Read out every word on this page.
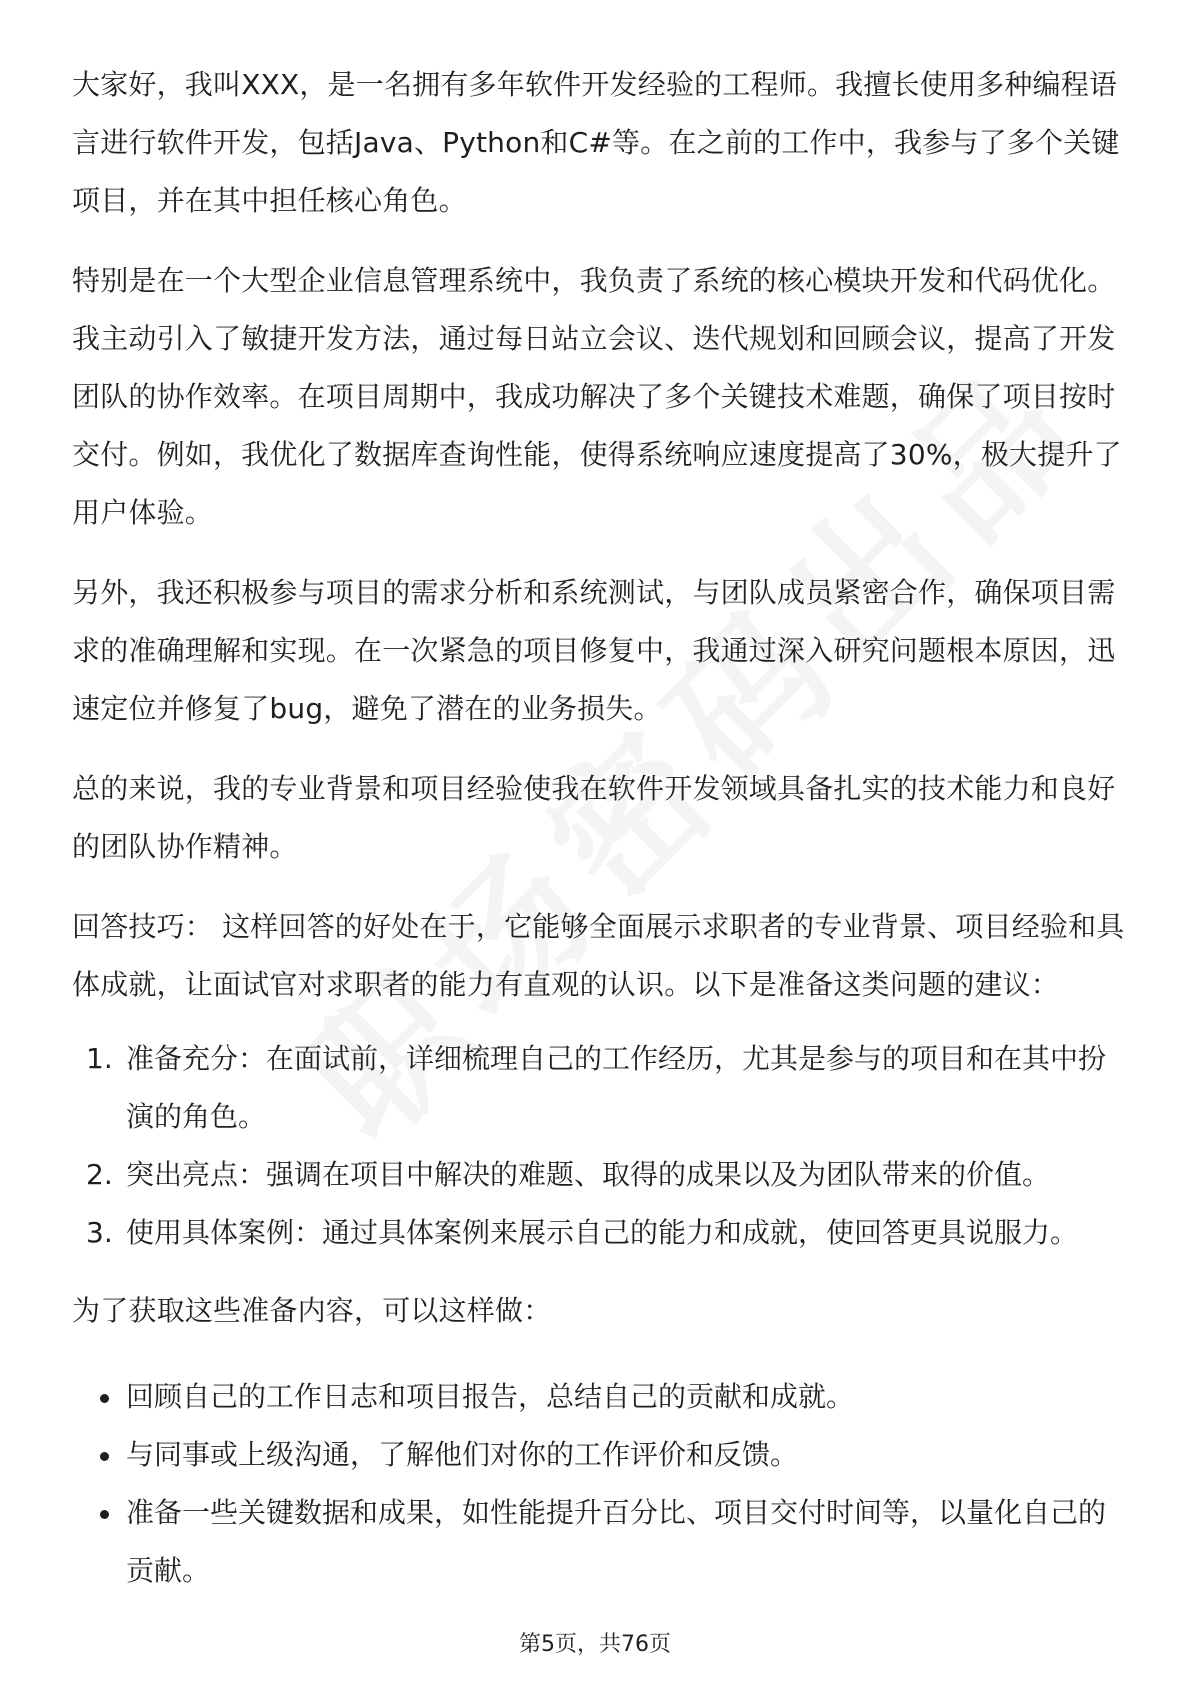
大家好，我叫XXX，是一名拥有多年软件开发经验的工程师。我擅长使用多种编程语言进行软件开发，包括Java、Python和C#等。在之前的工作中，我参与了多个关键项目，并在其中担任核心角色。

特别是在一个大型企业信息管理系统中，我负责了系统的核心模块开发和代码优化。我主动引入了敏捷开发方法，通过每日站立会议、迭代规划和回顾会议，提高了开发团队的协作效率。在项目周期中，我成功解决了多个关键技术难题，确保了项目按时交付。例如，我优化了数据库查询性能，使得系统响应速度提高了30%，极大提升了用户体验。

另外，我还积极参与项目的需求分析和系统测试，与团队成员紧密合作，确保项目需求的准确理解和实现。在一次紧急的项目修复中，我通过深入研究问题根本原因，迅速定位并修复了bug，避免了潜在的业务损失。

总的来说，我的专业背景和项目经验使我在软件开发领域具备扎实的技术能力和良好的团队协作精神。

回答技巧： 这样回答的好处在于，它能够全面展示求职者的专业背景、项目经验和具体成就，让面试官对求职者的能力有直观的认识。以下是准备这类问题的建议：

1. 准备充分：在面试前，详细梳理自己的工作经历，尤其是参与的项目和在其中扮演的角色。
2. 突出亮点：强调在项目中解决的难题、取得的成果以及为团队带来的价值。
3. 使用具体案例：通过具体案例来展示自己的能力和成就，使回答更具说服力。

为了获取这些准备内容，可以这样做：

回顾自己的工作日志和项目报告，总结自己的贡献和成就。
与同事或上级沟通，了解他们对你的工作评价和反馈。
准备一些关键数据和成果，如性能提升百分比、项目交付时间等，以量化自己的贡献。
第5页，共76页
